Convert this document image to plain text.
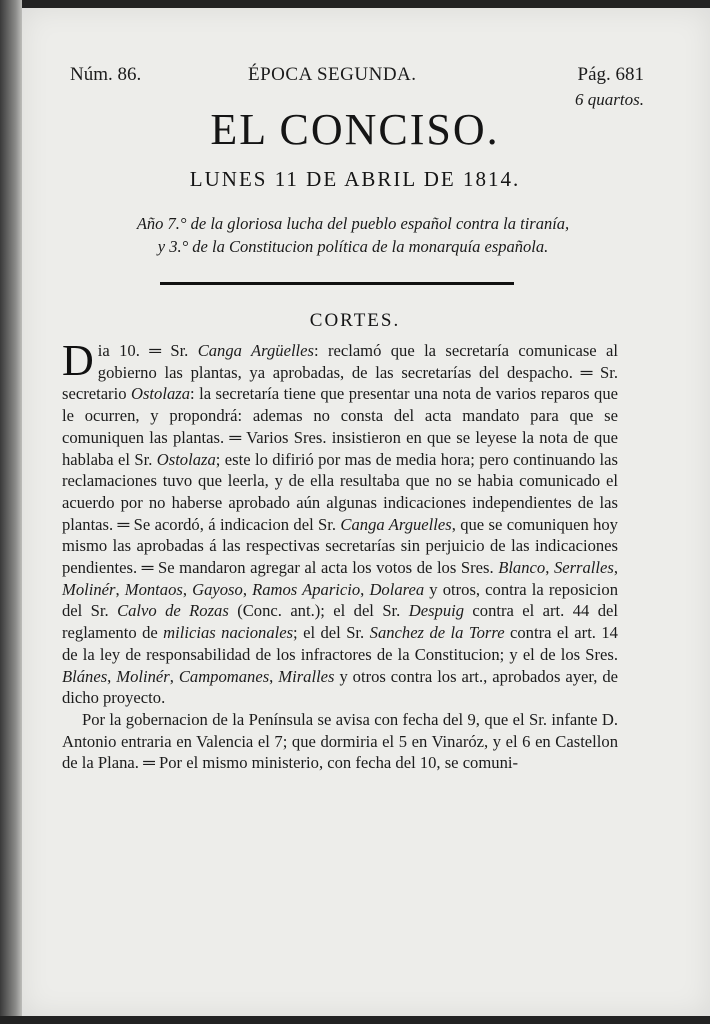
Núm. 86.	ÉPOCA SEGUNDA.	Pág. 681
6 quartos.
EL CONCISO.
LUNES 11 DE ABRIL DE 1814.
Año 7.° de la gloriosa lucha del pueblo español contra la tiranía,
y 3.° de la Constitucion política de la monarquía española.
CORTES.

Dia 10. ═ Sr. Canga Argüelles: reclamó que la secretaría comunicase al gobierno las plantas, ya aprobadas, de las secretarías del despacho. ═ Sr. secretario Ostolaza: la secretaría tiene que presentar una nota de varios reparos que le ocurren, y propondrá: ademas no consta del acta mandato para que se comuniquen las plantas. ═ Varios Sres. insistieron en que se leyese la nota de que hablaba el Sr. Ostolaza; este lo difirió por mas de media hora; pero continuando las reclamaciones tuvo que leerla, y de ella resultaba que no se habia comunicado el acuerdo por no haberse aprobado aún algunas indicaciones independientes de las plantas. ═ Se acordó, á indicacion del Sr. Canga Arguelles, que se comuniquen hoy mismo las aprobadas á las respectivas secretarías sin perjuicio de las indicaciones pendientes. ═ Se mandaron agregar al acta los votos de los Sres. Blanco, Serralles, Molinér, Montaos, Gayoso, Ramos Aparicio, Dolarea y otros, contra la reposicion del Sr. Calvo de Rozas (Conc. ant.); el del Sr. Despuig contra el art. 44 del reglamento de milicias nacionales; el del Sr. Sanchez de la Torre contra el art. 14 de la ley de responsabilidad de los infractores de la Constitucion; y el de los Sres. Blánes, Molinér, Campomanes, Miralles y otros contra los art., aprobados ayer, de dicho proyecto.

Por la gobernacion de la Península se avisa con fecha del 9, que el Sr. infante D. Antonio entraria en Valencia el 7; que dormiria el 5 en Vinaróz, y el 6 en Castellon de la Plana. ═ Por el mismo ministerio, con fecha del 10, se comuni-
